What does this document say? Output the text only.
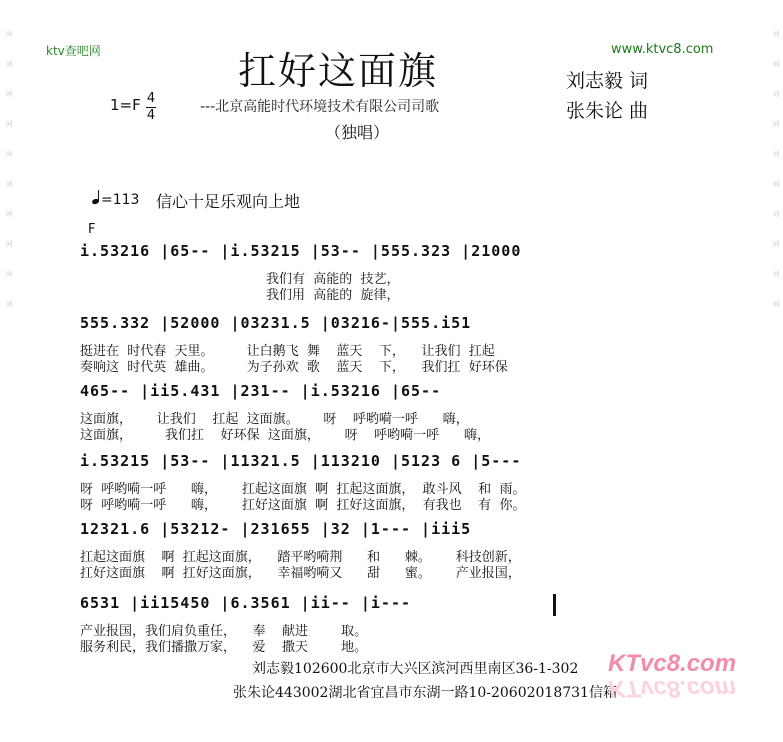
词
词
词
词
词
词
词
词
词
词
词
词
词
词
词
词
词
词
词
词
ktv查吧网	www.ktvc8.com
扛好这面旗
1=F 4
4
---北京高能时代环境技术有限公司司歌
（独唱）
刘志毅 词
张朱论 曲
=113 信心十足乐观向上地
F
i.53216 |65-- |i.53215 |53-- |555.323 |21000
我们有  高能的  技艺，
我们用  高能的  旋律，
555.332 |52000 |03231.5 |03216-|555.i51
挺进在  时代春  天里。        让白鹅飞  舞    蓝天    下，    让我们  扛起
奏响这  时代英  雄曲。        为子孙欢  歌    蓝天    下，    我们扛  好环保
465-- |ii5.431 |231-- |i.53216 |65--
这面旗，      让我们    扛起  这面旗。      呀    呼哟嗬一呼      嗨，
这面旗，        我们扛    好环保  这面旗，      呀    呼哟嗬一呼      嗨，
i.53215 |53-- |11321.5 |113210 |5123 6 |5---
呀  呼哟嗬一呼      嗨，      扛起这面旗  啊  扛起这面旗，  敢斗风    和  雨。
呀  呼哟嗬一呼      嗨，      扛好这面旗  啊  扛好这面旗，  有我也    有  你。
12321.6 |53212- |231655 |32 |1--- |iii5
扛起这面旗    啊  扛起这面旗，    踏平哟嗬荆      和      棘。      科技创新，
扛好这面旗    啊  扛好这面旗，    幸福哟嗬又      甜      蜜。      产业报国，
6531 |ii15450 |6.3561 |ii-- |i---
产业报国，我们肩负重任，    奉    献进        取。
服务利民，我们播撒万家，    爱    撒天        地。
刘志毅102600北京市大兴区滨河西里南区36-1-302
张朱论443002湖北省宜昌市东湖一路10-20602018731信箱
KTvc8.com
KTvc8.com
